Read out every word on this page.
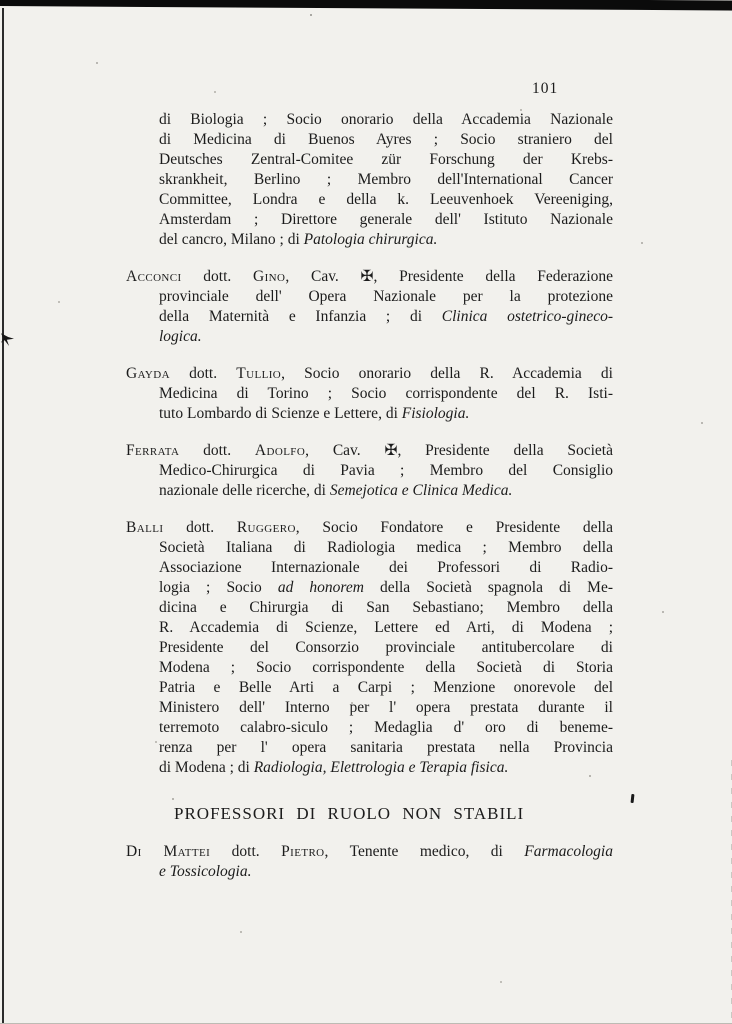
101
di Biologia ; Socio onorario della Accademia Nazionale
di Medicina di Buenos Ayres ; Socio straniero del
Deutsches Zentral-Comitee zür Forschung der Krebs-
skrankheit, Berlino ; Membro dell'International Cancer
Committee, Londra e della k. Leeuvenhoek Vereeniging,
Amsterdam ; Direttore generale dell' Istituto Nazionale
del cancro, Milano ; di Patologia chirurgica.
Acconci dott. Gino, Cav. ✠, Presidente della Federazione
provinciale dell' Opera Nazionale per la protezione
della Maternità e Infanzia ; di Clinica ostetrico-gineco-
logica.
Gayda dott. Tullio, Socio onorario della R. Accademia di
Medicina di Torino ; Socio corrispondente del R. Isti-
tuto Lombardo di Scienze e Lettere, di Fisiologia.
Ferrata dott. Adolfo, Cav. ✠, Presidente della Società
Medico-Chirurgica di Pavia ; Membro del Consiglio
nazionale delle ricerche, di Semejotica e Clinica Medica.
Balli dott. Ruggero, Socio Fondatore e Presidente della
Società Italiana di Radiologia medica ; Membro della
Associazione Internazionale dei Professori di Radio-
logia ; Socio ad honorem della Società spagnola di Me-
dicina e Chirurgia di San Sebastiano; Membro della
R. Accademia di Scienze, Lettere ed Arti, di Modena ;
Presidente del Consorzio provinciale antitubercolare di
Modena ; Socio corrispondente della Società di Storia
Patria e Belle Arti a Carpi ; Menzione onorevole del
Ministero dell' Interno per l' opera prestata durante il
terremoto calabro-siculo ; Medaglia d' oro di beneme-
renza per l' opera sanitaria prestata nella Provincia
di Modena ; di Radiologia, Elettrologia e Terapia fisica.
PROFESSORI DI RUOLO NON STABILI
Di Mattei dott. Pietro, Tenente medico, di Farmacologia
e Tossicologia.
